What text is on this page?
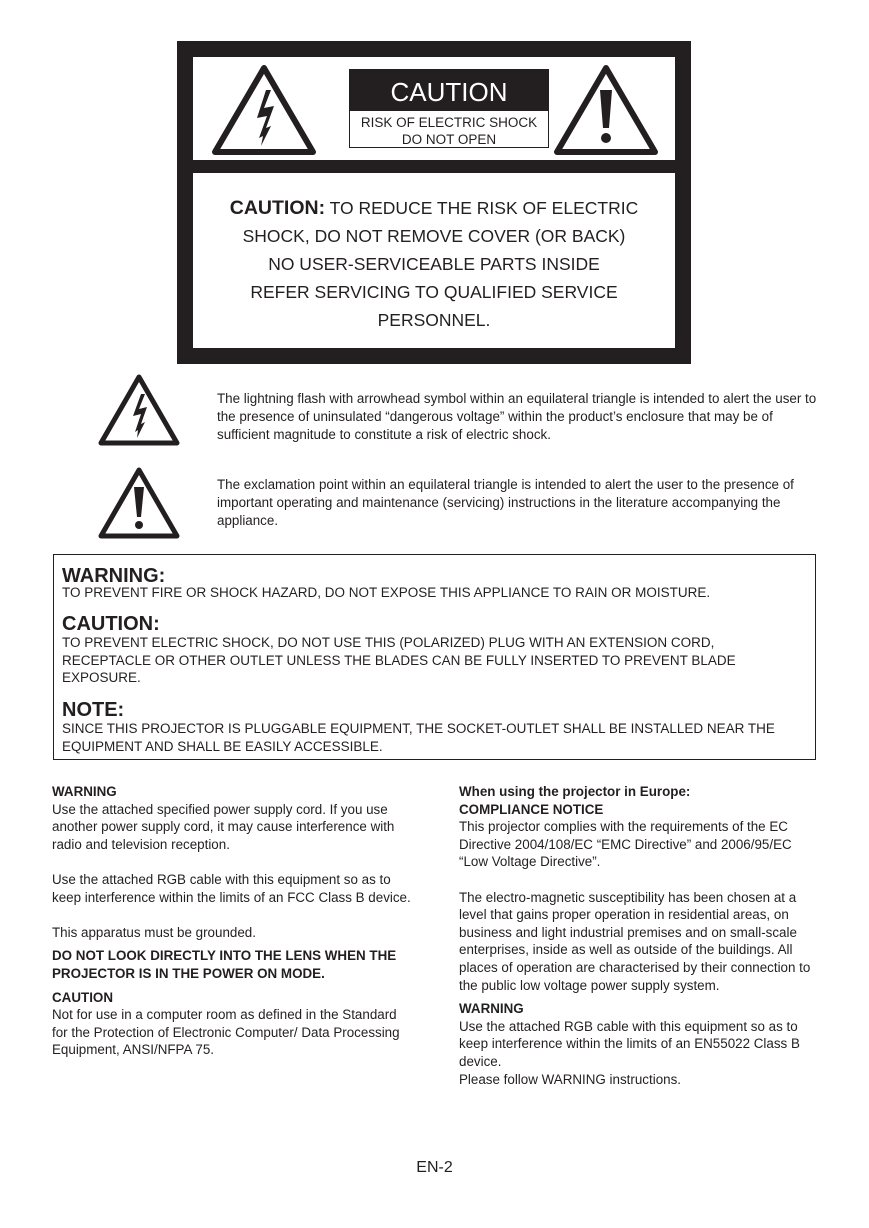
CAUTION
RISK OF ELECTRIC SHOCK
DO NOT OPEN
CAUTION: TO REDUCE THE RISK OF ELECTRIC
SHOCK, DO NOT REMOVE COVER (OR BACK)
NO USER-SERVICEABLE PARTS INSIDE
REFER SERVICING TO QUALIFIED SERVICE
PERSONNEL.
The lightning flash with arrowhead symbol within an equilateral triangle is intended to alert the user to the presence of uninsulated “dangerous voltage” within the product’s enclosure that may be of sufficient magnitude to constitute a risk of electric shock.
The exclamation point within an equilateral triangle is intended to alert the user to the presence of important operating and maintenance (servicing) instructions in the literature accompanying the appliance.
WARNING:
TO PREVENT FIRE OR SHOCK HAZARD, DO NOT EXPOSE THIS APPLIANCE TO RAIN OR MOISTURE.
CAUTION:
TO PREVENT ELECTRIC SHOCK, DO NOT USE THIS (POLARIZED) PLUG WITH AN EXTENSION CORD, RECEPTACLE OR OTHER OUTLET UNLESS THE BLADES CAN BE FULLY INSERTED TO PREVENT BLADE EXPOSURE.
NOTE:
SINCE THIS PROJECTOR IS PLUGGABLE EQUIPMENT, THE SOCKET-OUTLET SHALL BE INSTALLED NEAR THE EQUIPMENT AND SHALL BE EASILY ACCESSIBLE.

WARNING

Use the attached specified power supply cord. If you use another power supply cord, it may cause interference with radio and television reception.

Use the attached RGB cable with this equipment so as to keep interference within the limits of an FCC Class B device.

This apparatus must be grounded.

DO NOT LOOK DIRECTLY INTO THE LENS WHEN THE PROJECTOR IS IN THE POWER ON MODE.

CAUTION

Not for use in a computer room as defined in the Standard for the Protection of Electronic Computer/ Data Processing Equipment, ANSI/NFPA 75.

When using the projector in Europe:

COMPLIANCE NOTICE

This projector complies with the requirements of the EC Directive 2004/108/EC “EMC Directive” and 2006/95/EC “Low Voltage Directive”.

The electro-magnetic susceptibility has been chosen at a level that gains proper operation in residential areas, on business and light industrial premises and on small-scale enterprises, inside as well as outside of the buildings. All places of operation are characterised by their connection to the public low voltage power supply system.

WARNING

Use the attached RGB cable with this equipment so as to keep interference within the limits of an EN55022 Class B device.

Please follow WARNING instructions.

EN-2
